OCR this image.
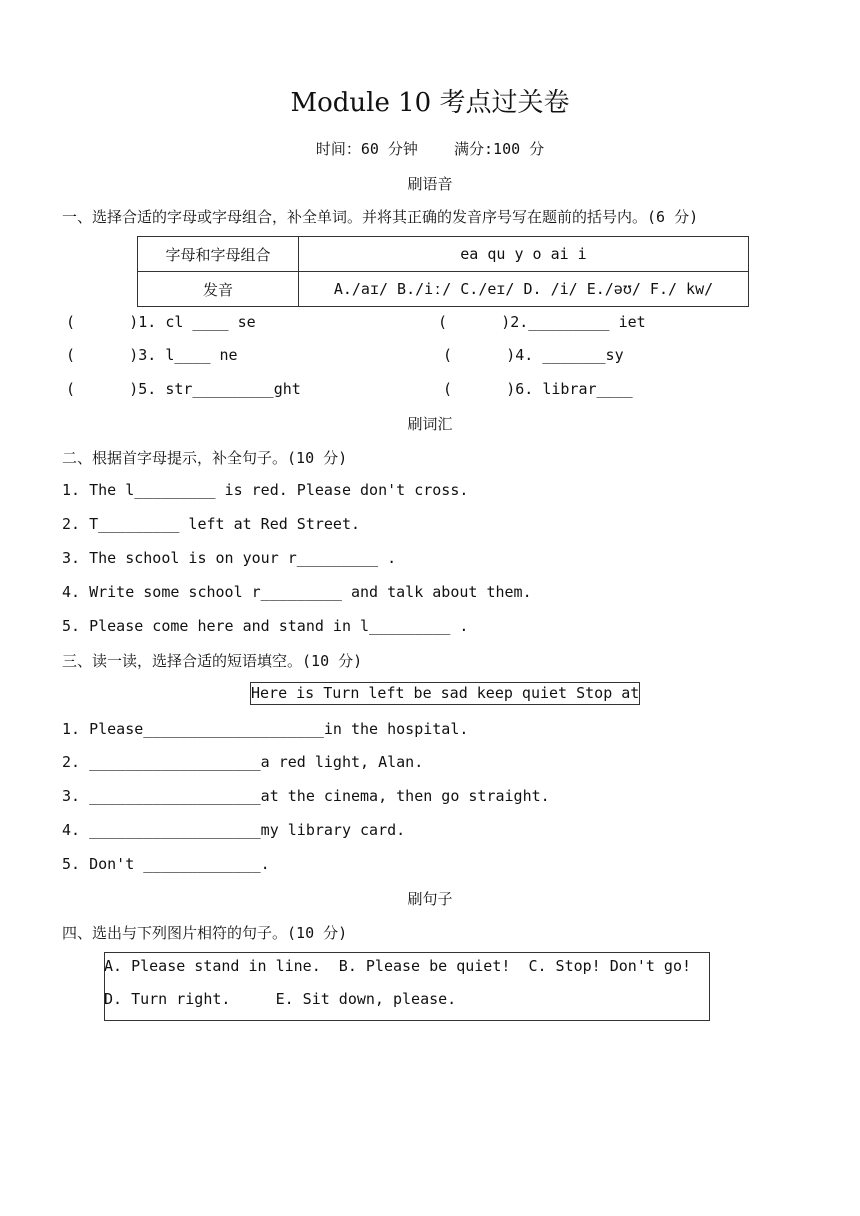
Module 10 考点过关卷
时间：60 分钟    满分:100 分
刷语音
一、选择合适的字母或字母组合，补全单词。并将其正确的发音序号写在题前的括号内。(6 分)
字母和字母组合	ea qu y o ai i
发音	A./aɪ/ B./iː/ C./eɪ/ D. /i/ E./əʊ/ F./ kw/
(      )1. cl ____ se	(      )2._________ iet
(      )3. l____ ne	(      )4. _______sy
(      )5. str_________ght	(      )6. librar____
刷词汇
二、根据首字母提示，补全句子。(10 分)
1. The l_________ is red. Please don't cross.
2. T_________ left at Red Street.
3. The school is on your r_________ .
4. Write some school r_________ and talk about them.
5. Please come here and stand in l_________ .
三、读一读，选择合适的短语填空。(10 分)
Here is Turn left be sad keep quiet Stop at
1. Please____________________in the hospital.
2. ___________________a red light, Alan.
3. ___________________at the cinema, then go straight.
4. ___________________my library card.
5. Don't _____________.
刷句子
四、选出与下列图片相符的句子。(10 分)
A. Please stand in line.  B. Please be quiet!  C. Stop! Don't go!
D. Turn right.     E. Sit down, please.
